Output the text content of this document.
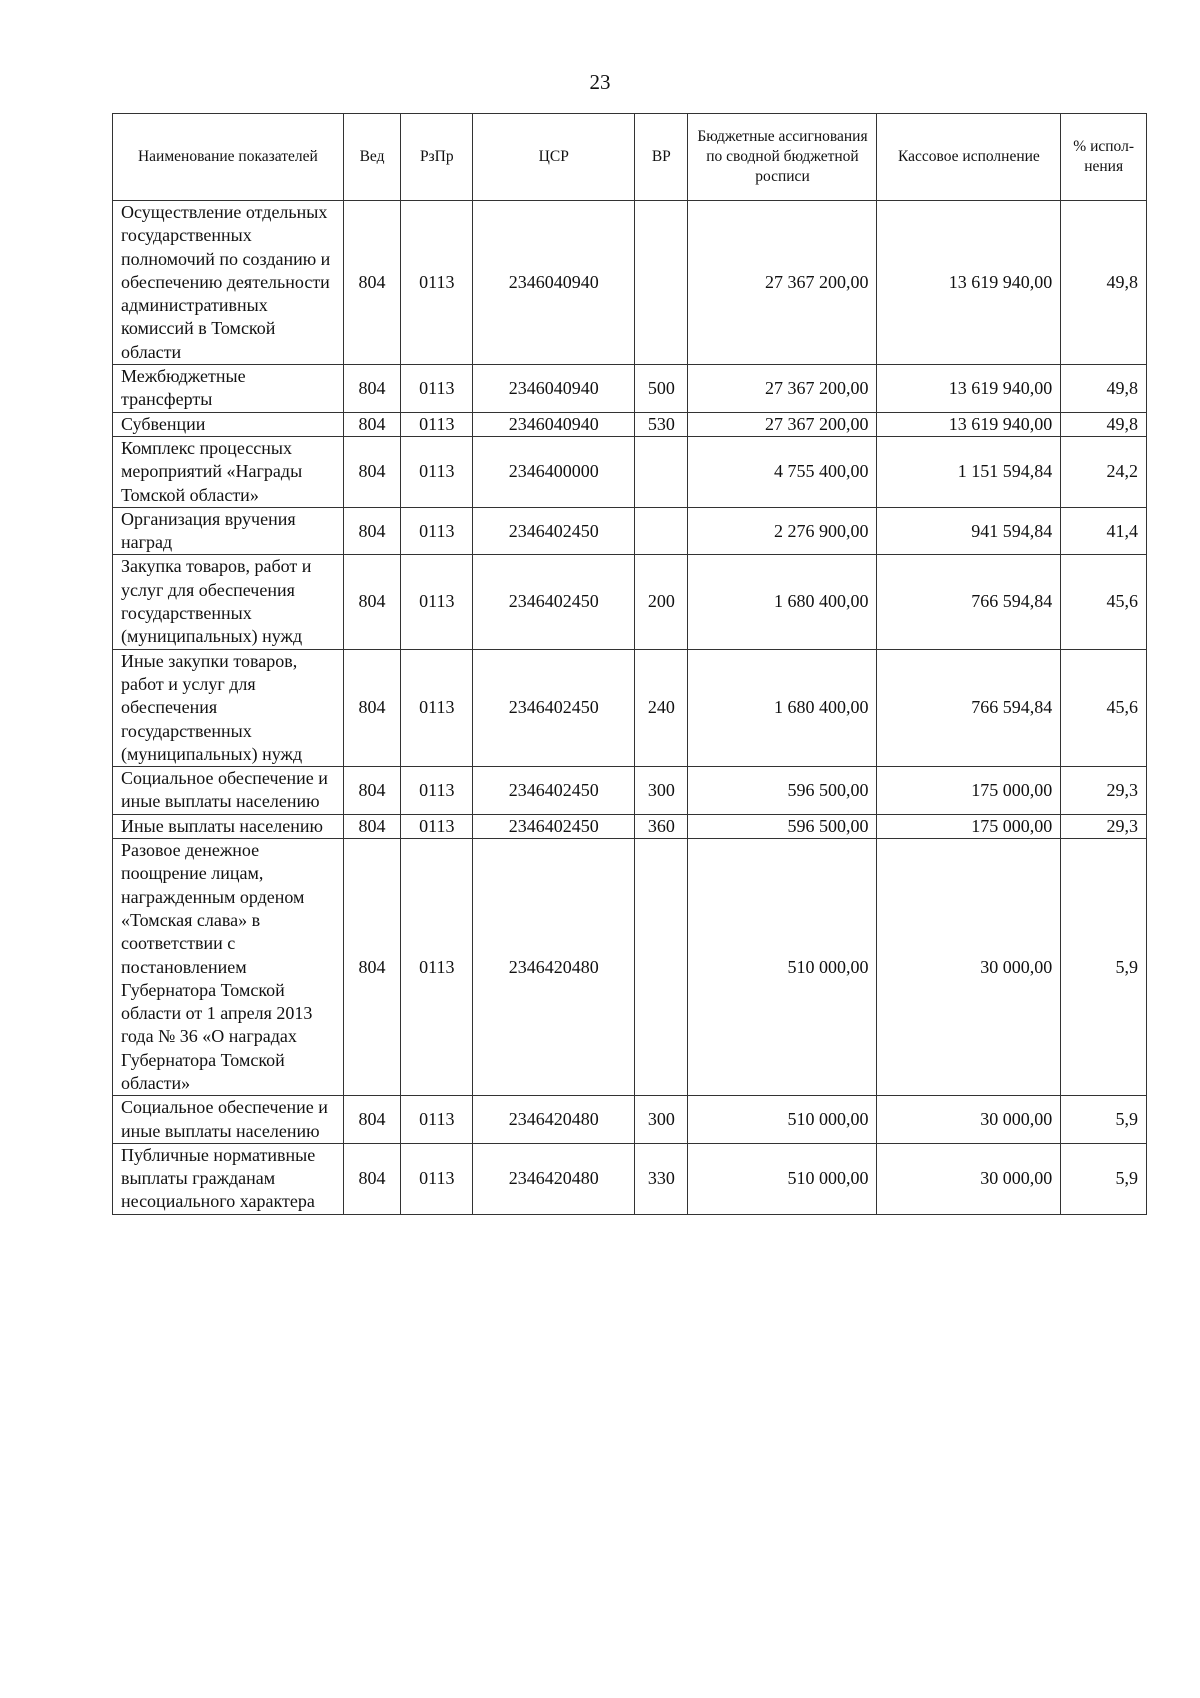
23
Наименование показателей	Вед	РзПр	ЦСР	ВР	Бюджетные ассигнования по сводной бюджетной росписи	Кассовое исполнение	% испол-нения
Осуществление отдельных государственных полномочий по созданию и обеспечению деятельности административных комиссий в Томской области	804	0113	2346040940		27 367 200,00	13 619 940,00	49,8
Межбюджетные трансферты	804	0113	2346040940	500	27 367 200,00	13 619 940,00	49,8
Субвенции	804	0113	2346040940	530	27 367 200,00	13 619 940,00	49,8
Комплекс процессных мероприятий «Награды Томской области»	804	0113	2346400000		4 755 400,00	1 151 594,84	24,2
Организация вручения наград	804	0113	2346402450		2 276 900,00	941 594,84	41,4
Закупка товаров, работ и услуг для обеспечения государственных (муниципальных) нужд	804	0113	2346402450	200	1 680 400,00	766 594,84	45,6
Иные закупки товаров, работ и услуг для обеспечения государственных (муниципальных) нужд	804	0113	2346402450	240	1 680 400,00	766 594,84	45,6
Социальное обеспечение и иные выплаты населению	804	0113	2346402450	300	596 500,00	175 000,00	29,3
Иные выплаты населению	804	0113	2346402450	360	596 500,00	175 000,00	29,3
Разовое денежное поощрение лицам, награжденным орденом «Томская слава» в соответствии с постановлением Губернатора Томской области от 1 апреля 2013 года № 36 «О наградах Губернатора Томской области»	804	0113	2346420480		510 000,00	30 000,00	5,9
Социальное обеспечение и иные выплаты населению	804	0113	2346420480	300	510 000,00	30 000,00	5,9
Публичные нормативные выплаты гражданам несоциального характера	804	0113	2346420480	330	510 000,00	30 000,00	5,9
